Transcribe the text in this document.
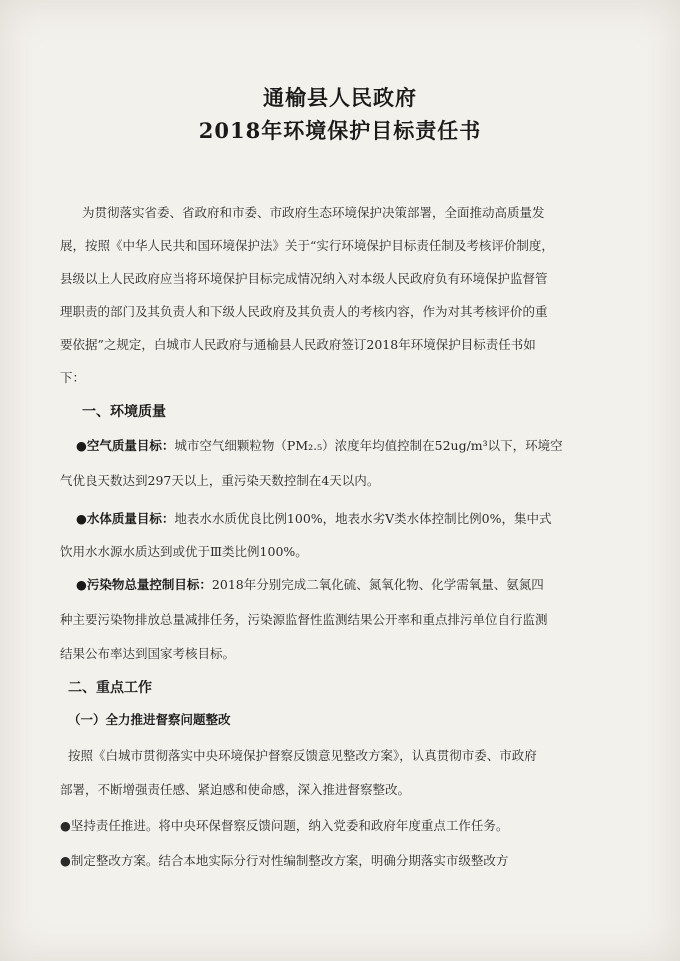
通榆县人民政府
2018年环境保护目标责任书
为贯彻落实省委、省政府和市委、市政府生态环境保护决策部署，全面推动高质量发
展，按照《中华人民共和国环境保护法》关于“实行环境保护目标责任制及考核评价制度，
县级以上人民政府应当将环境保护目标完成情况纳入对本级人民政府负有环境保护监督管
理职责的部门及其负责人和下级人民政府及其负责人的考核内容，作为对其考核评价的重
要依据”之规定，白城市人民政府与通榆县人民政府签订2018年环境保护目标责任书如
下：
一、环境质量
●空气质量目标：城市空气细颗粒物（PM₂.₅）浓度年均值控制在52ug/m³以下，环境空
气优良天数达到297天以上，重污染天数控制在4天以内。
●水体质量目标：地表水水质优良比例100%，地表水劣Ⅴ类水体控制比例0%，集中式
饮用水水源水质达到或优于Ⅲ类比例100%。
●污染物总量控制目标：2018年分别完成二氧化硫、氮氧化物、化学需氧量、氨氮四
种主要污染物排放总量减排任务，污染源监督性监测结果公开率和重点排污单位自行监测
结果公布率达到国家考核目标。
二、重点工作
（一）全力推进督察问题整改
按照《白城市贯彻落实中央环境保护督察反馈意见整改方案》，认真贯彻市委、市政府
部署，不断增强责任感、紧迫感和使命感，深入推进督察整改。
●坚持责任推进。将中央环保督察反馈问题，纳入党委和政府年度重点工作任务。
●制定整改方案。结合本地实际分行对性编制整改方案，明确分期落实市级整改方
